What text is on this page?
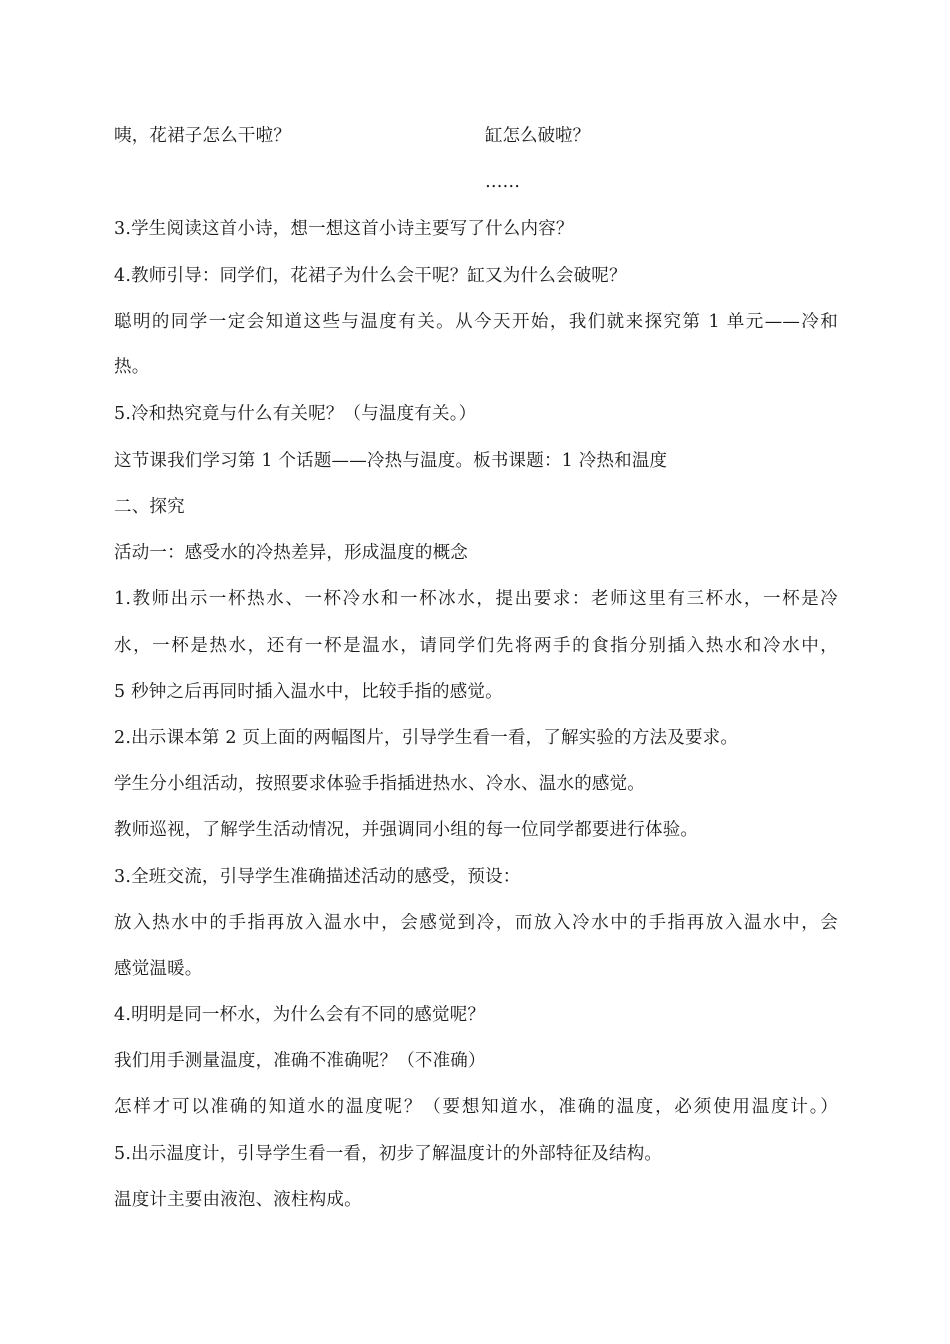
咦，花裙子怎么干啦？	缸怎么破啦？
……
3.学生阅读这首小诗，想一想这首小诗主要写了什么内容？
4.教师引导：同学们，花裙子为什么会干呢？缸又为什么会破呢？
聪明的同学一定会知道这些与温度有关。从今天开始，我们就来探究第 1 单元——冷和
热。
5.冷和热究竟与什么有关呢？（与温度有关。）
这节课我们学习第 1 个话题——冷热与温度。板书课题：1 冷热和温度
二、探究
活动一：感受水的冷热差异，形成温度的概念
1.教师出示一杯热水、一杯冷水和一杯冰水，提出要求：老师这里有三杯水，一杯是冷
水，一杯是热水，还有一杯是温水，请同学们先将两手的食指分别插入热水和冷水中，
5 秒钟之后再同时插入温水中，比较手指的感觉。
2.出示课本第 2 页上面的两幅图片，引导学生看一看，了解实验的方法及要求。
学生分小组活动，按照要求体验手指插进热水、冷水、温水的感觉。
教师巡视，了解学生活动情况，并强调同小组的每一位同学都要进行体验。
3.全班交流，引导学生准确描述活动的感受，预设：
放入热水中的手指再放入温水中，会感觉到冷，而放入冷水中的手指再放入温水中，会
感觉温暖。
4.明明是同一杯水，为什么会有不同的感觉呢？
我们用手测量温度，准确不准确呢？（不准确）
怎样才可以准确的知道水的温度呢？（要想知道水，准确的温度，必须使用温度计。）
5.出示温度计，引导学生看一看，初步了解温度计的外部特征及结构。
温度计主要由液泡、液柱构成。
